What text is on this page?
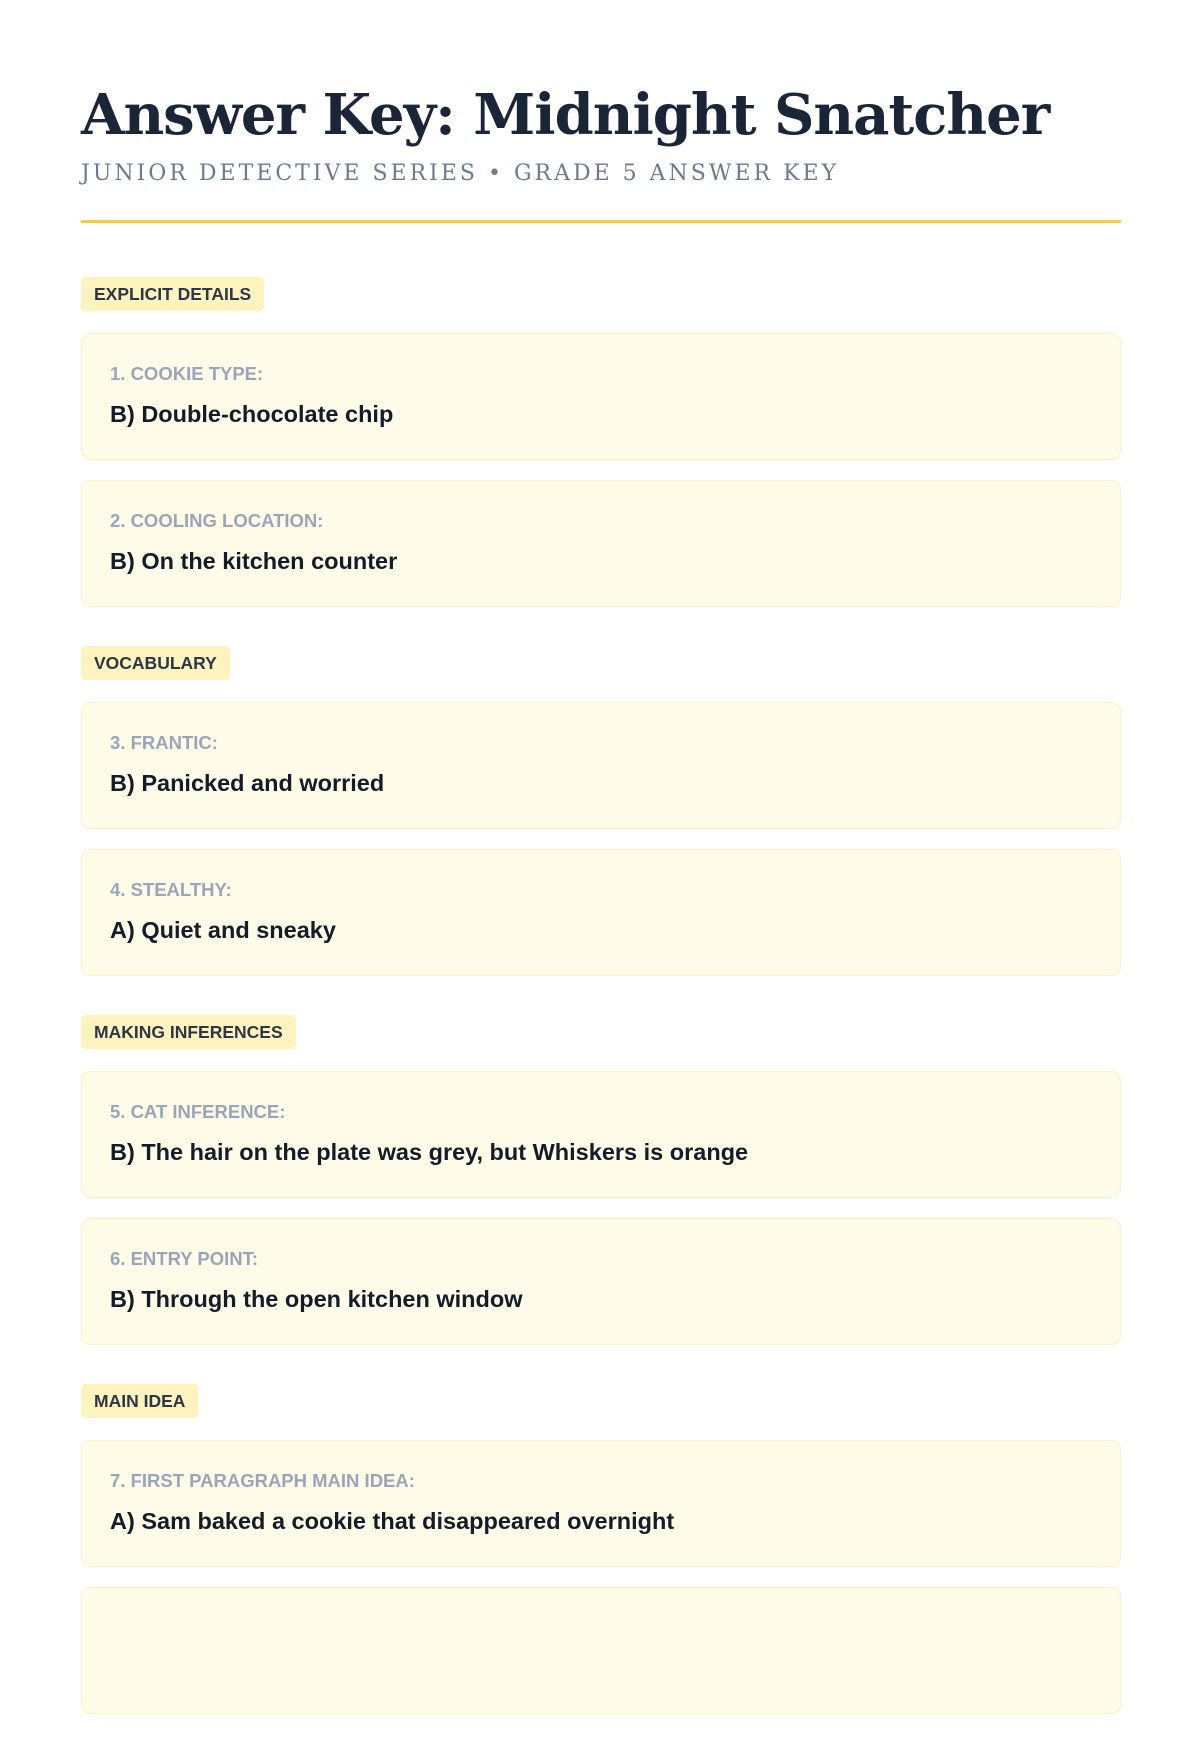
Answer Key: Midnight Snatcher
JUNIOR DETECTIVE SERIES • GRADE 5 ANSWER KEY
EXPLICIT DETAILS
1. COOKIE TYPE:
B) Double-chocolate chip
2. COOLING LOCATION:
B) On the kitchen counter
VOCABULARY
3. FRANTIC:
B) Panicked and worried
4. STEALTHY:
A) Quiet and sneaky
MAKING INFERENCES
5. CAT INFERENCE:
B) The hair on the plate was grey, but Whiskers is orange
6. ENTRY POINT:
B) Through the open kitchen window
MAIN IDEA
7. FIRST PARAGRAPH MAIN IDEA:
A) Sam baked a cookie that disappeared overnight
